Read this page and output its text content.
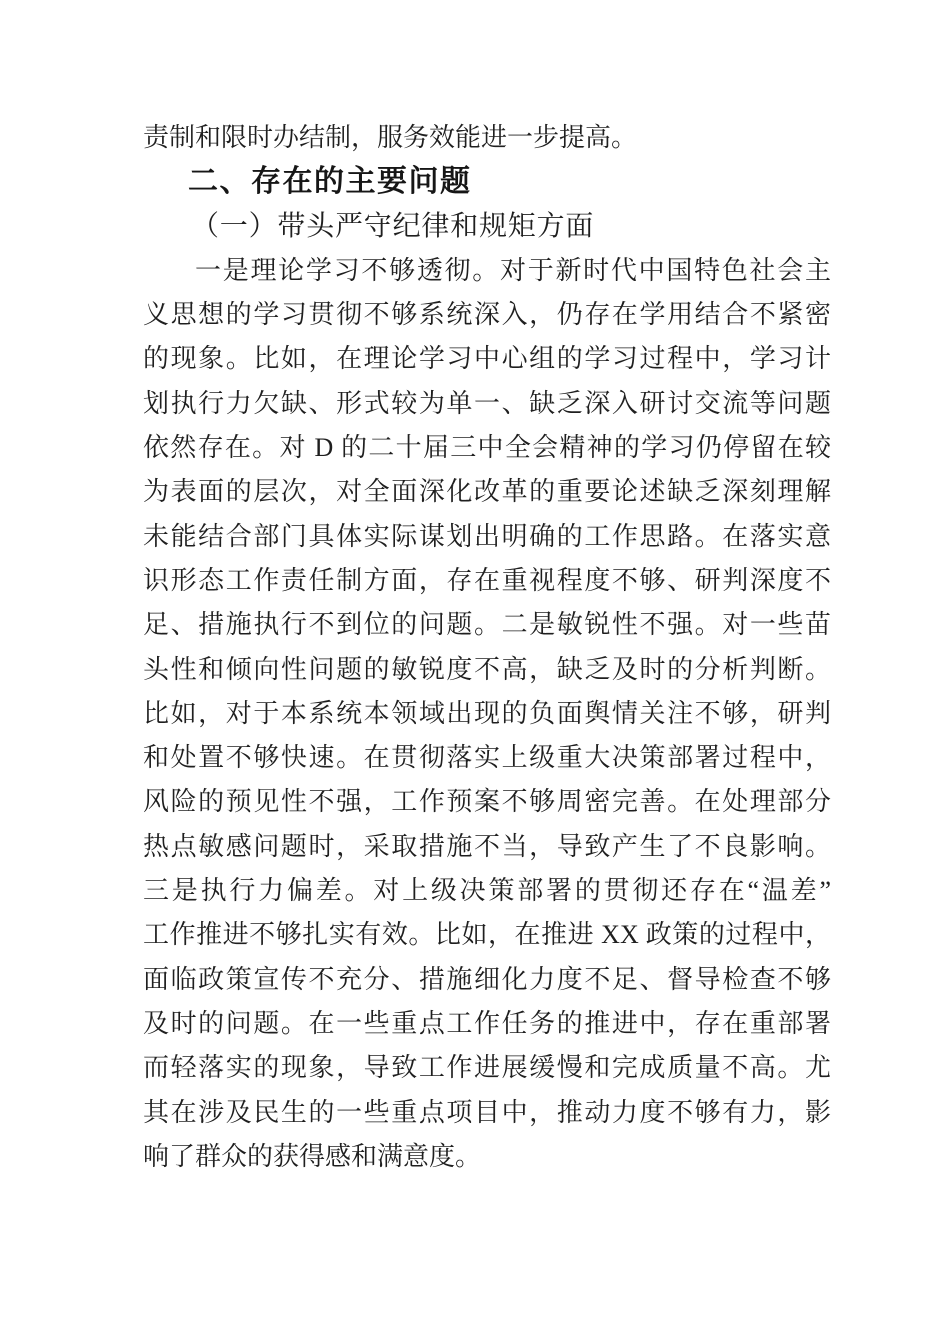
责制和限时办结制，服务效能进一步提高。
二、存在的主要问题
（一）带头严守纪律和规矩方面
一是理论学习不够透彻。对于新时代中国特色社会主
义思想的学习贯彻不够系统深入，仍存在学用结合不紧密
的现象。比如，在理论学习中心组的学习过程中，学习计
划执行力欠缺、形式较为单一、缺乏深入研讨交流等问题
依然存在。对 D 的二十届三中全会精神的学习仍停留在较
为表面的层次，对全面深化改革的重要论述缺乏深刻理解
未能结合部门具体实际谋划出明确的工作思路。在落实意
识形态工作责任制方面，存在重视程度不够、研判深度不
足、措施执行不到位的问题。二是敏锐性不强。对一些苗
头性和倾向性问题的敏锐度不高，缺乏及时的分析判断。
比如，对于本系统本领域出现的负面舆情关注不够，研判
和处置不够快速。在贯彻落实上级重大决策部署过程中，
风险的预见性不强，工作预案不够周密完善。在处理部分
热点敏感问题时，采取措施不当，导致产生了不良影响。
三是执行力偏差。对上级决策部署的贯彻还存在“温差”
工作推进不够扎实有效。比如，在推进 XX 政策的过程中，
面临政策宣传不充分、措施细化力度不足、督导检查不够
及时的问题。在一些重点工作任务的推进中，存在重部署
而轻落实的现象，导致工作进展缓慢和完成质量不高。尤
其在涉及民生的一些重点项目中，推动力度不够有力，影
响了群众的获得感和满意度。
